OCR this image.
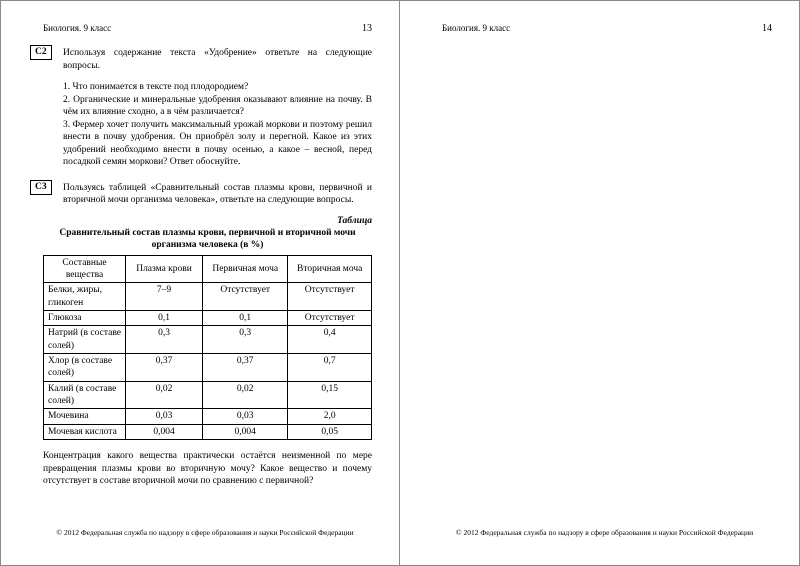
Биология. 9 класс	13
С2	Используя содержание текста «Удобрение» ответьте на следующие вопросы.

1. Что понимается в тексте под плодородием?

2. Органические и минеральные удобрения оказывают влияние на почву. В чём их влияние сходно, а в чём различается?

3. Фермер хочет получить максимальный урожай моркови и поэтому решил внести в почву удобрения. Он приобрёл золу и перегной. Какое из этих удобрений необходимо внести в почву осенью, а какое – весной, перед посадкой семян моркови? Ответ обоснуйте.

С3	Пользуясь таблицей «Сравнительный состав плазмы крови, первичной и вторичной мочи организма человека», ответьте на следующие вопросы.

Таблица
Сравнительный состав плазмы крови, первичной и вторичной мочи организма человека (в %)
Составные вещества	Плазма крови	Первичная моча	Вторичная моча
Белки, жиры, гликоген	7–9	Отсутствует	Отсутствует
Глюкоза	0,1	0,1	Отсутствует
Натрий (в составе солей)	0,3	0,3	0,4
Хлор (в составе солей)	0,37	0,37	0,7
Калий (в составе солей)	0,02	0,02	0,15
Мочевина	0,03	0,03	2,0
Мочевая кислота	0,004	0,004	0,05

Концентрация какого вещества практически остаётся неизменной по мере превращения плазмы крови во вторичную мочу? Какое вещество и почему отсутствует в составе вторичной мочи по сравнению с первичной?

© 2012 Федеральная служба по надзору в сфере образования и науки Российской Федерации
Биология. 9 класс	14
© 2012 Федеральная служба по надзору в сфере образования и науки Российской Федерации
